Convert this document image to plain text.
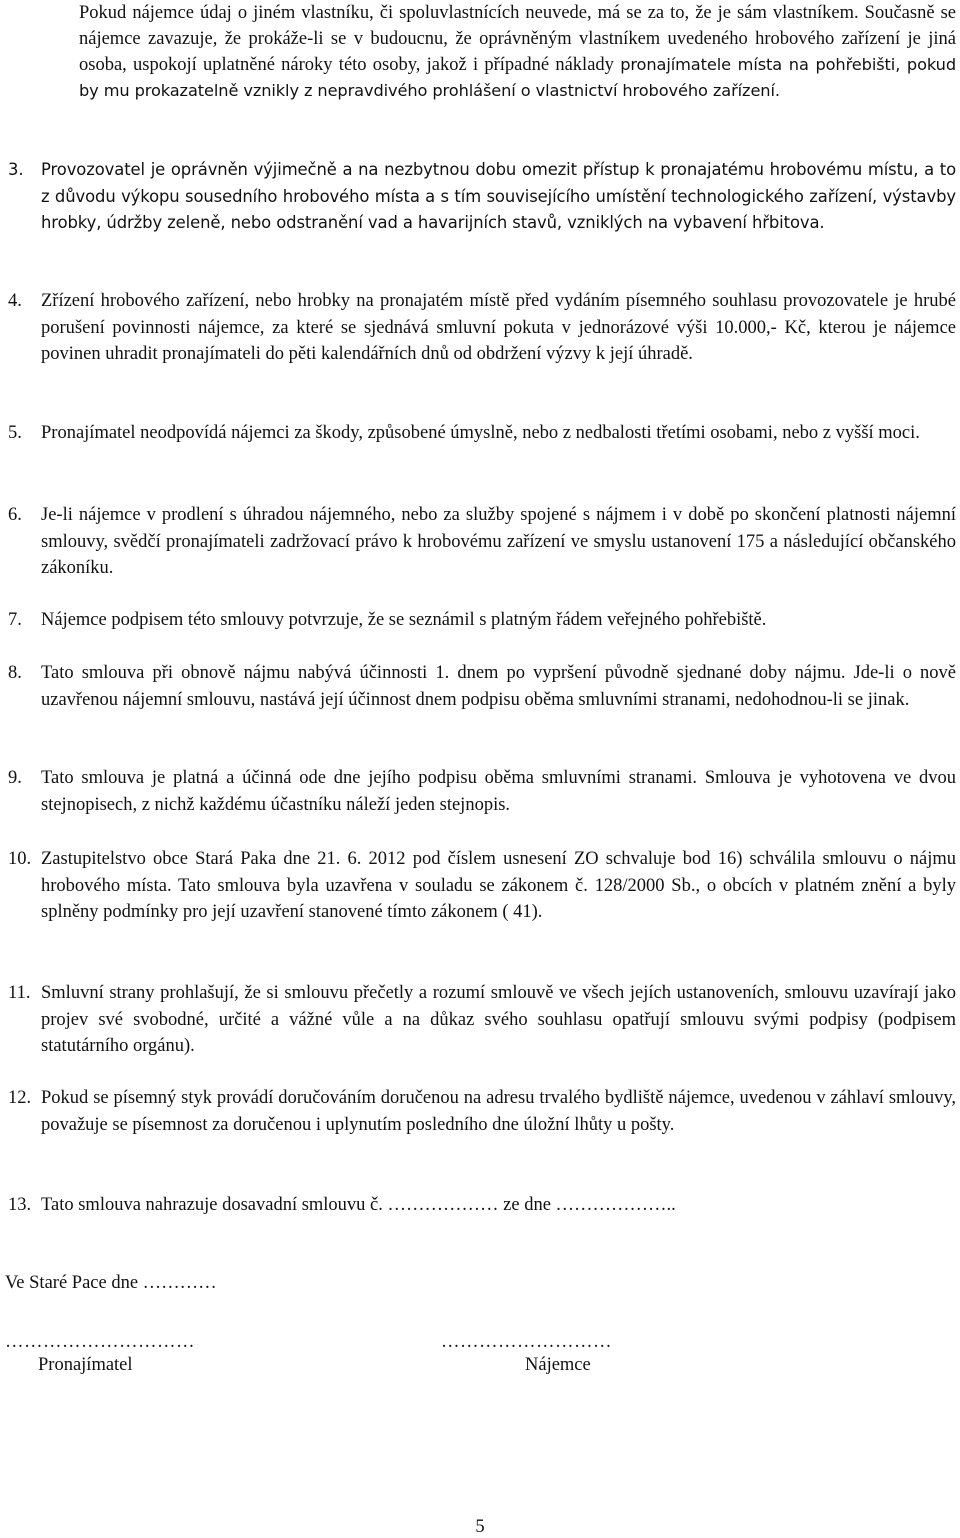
Pokud nájemce údaj o jiném vlastníku, či spoluvlastnících neuvede, má se za to, že je sám vlastníkem. Současně se nájemce zavazuje, že prokáže-li se v budoucnu, že oprávněným vlastníkem uvedeného hrobového zařízení je jiná osoba, uspokojí uplatněné nároky této osoby, jakož i případné náklady pronajímatele místa na pohřebišti, pokud by mu prokazatelně vznikly z nepravdivého prohlášení o vlastnictví hrobového zařízení.

3.	Provozovatel je oprávněn výjimečně a na nezbytnou dobu omezit přístup k pronajatému hrobovému místu, a to z důvodu výkopu sousedního hrobového místa a s tím souvisejícího umístění technologického zařízení, výstavby hrobky, údržby zeleně, nebo odstranění vad a havarijních stavů, vzniklých na vybavení hřbitova.
4.	Zřízení hrobového zařízení, nebo hrobky na pronajatém místě před vydáním písemného souhlasu provozovatele je hrubé porušení povinnosti nájemce, za které se sjednává smluvní pokuta v jednorázové výši 10.000,- Kč, kterou je nájemce povinen uhradit pronajímateli do pěti kalendářních dnů od obdržení výzvy k její úhradě.
5.	Pronajímatel neodpovídá nájemci za škody, způsobené úmyslně, nebo z nedbalosti třetími osobami, nebo z vyšší moci.
6.	Je-li nájemce v prodlení s úhradou nájemného, nebo za služby spojené s nájmem i v době po skončení platnosti nájemní smlouvy, svědčí pronajímateli zadržovací právo k hrobovému zařízení ve smyslu ustanovení 175 a následující občanského zákoníku.
7.	Nájemce podpisem této smlouvy potvrzuje, že se seznámil s platným řádem veřejného pohřebiště.
8.	Tato smlouva při obnově nájmu nabývá účinnosti 1. dnem po vypršení původně sjednané doby nájmu. Jde-li o nově uzavřenou nájemní smlouvu, nastává její účinnost dnem podpisu oběma smluvními stranami, nedohodnou-li se jinak.
9.	Tato smlouva je platná a účinná ode dne jejího podpisu oběma smluvními stranami. Smlouva je vyhotovena ve dvou stejnopisech, z nichž každému účastníku náleží jeden stejnopis.
10. Zastupitelstvo obce Stará Paka dne 21. 6. 2012 pod číslem usnesení ZO schvaluje bod 16) schválila smlouvu o nájmu hrobového místa. Tato smlouva byla uzavřena v souladu se zákonem č. 128/2000 Sb., o obcích v platném znění a byly splněny podmínky pro její uzavření stanovené tímto zákonem ( 41).
11. Smluvní strany prohlašují, že si smlouvu přečetly a rozumí smlouvě ve všech jejích ustanoveních, smlouvu uzavírají jako projev své svobodné, určité a vážné vůle a na důkaz svého souhlasu opatřují smlouvu svými podpisy (podpisem statutárního orgánu).
12. Pokud se písemný styk provádí doručováním doručenou na adresu trvalého bydliště nájemce, uvedenou v záhlaví smlouvy, považuje se písemnost za doručenou i uplynutím posledního dne úložní lhůty u pošty.
13. Tato smlouva nahrazuje dosavadní smlouvu č. ……………… ze dne ………………..

Ve Staré Pace dne …………

…………………………

Pronajímatel

………………………

Nájemce

5
